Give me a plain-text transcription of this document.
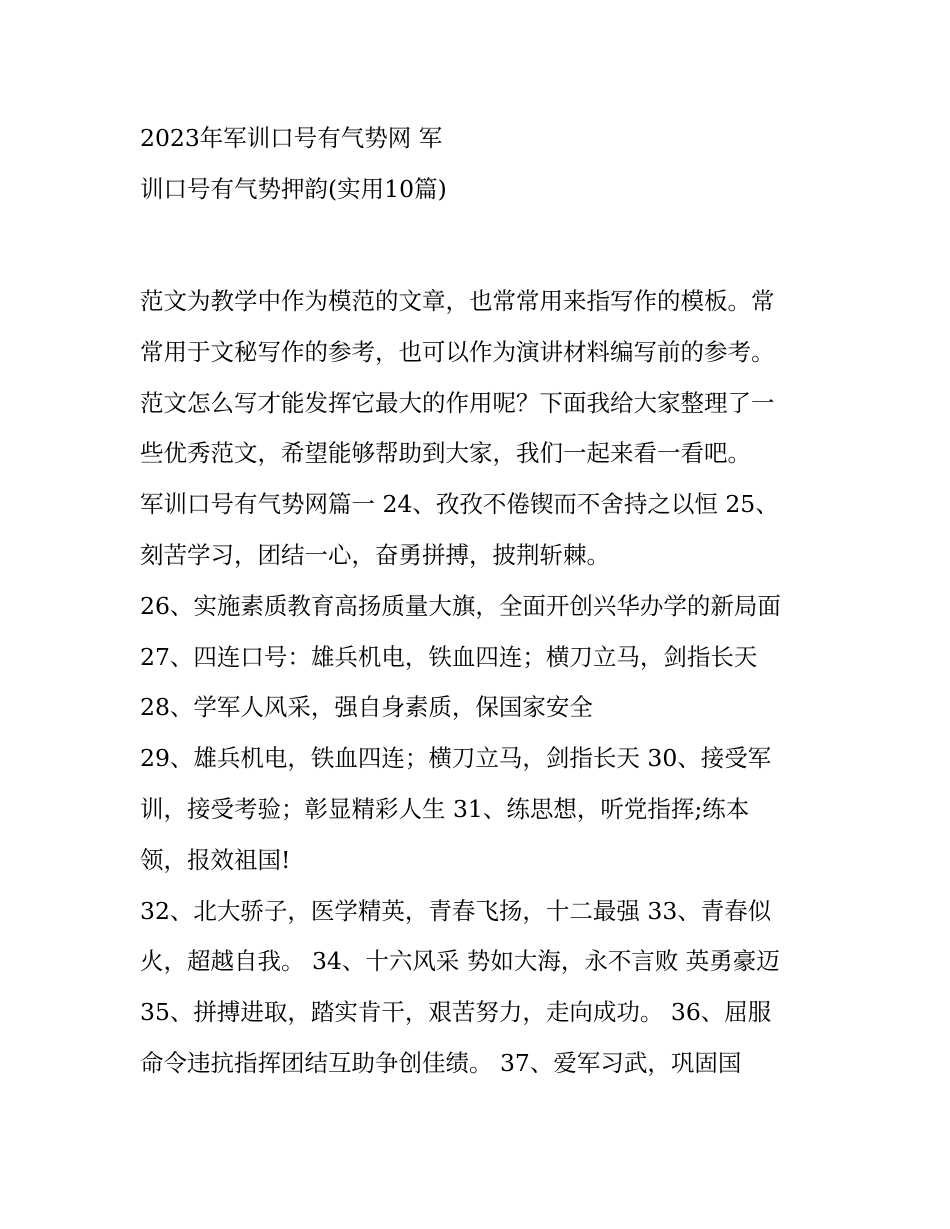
2023年军训口号有气势网 军
训口号有气势押韵(实用10篇)
范文为教学中作为模范的文章，也常常用来指写作的模板。常
常用于文秘写作的参考，也可以作为演讲材料编写前的参考。
范文怎么写才能发挥它最大的作用呢？下面我给大家整理了一
些优秀范文，希望能够帮助到大家，我们一起来看一看吧。
军训口号有气势网篇一 24、孜孜不倦锲而不舍持之以恒 25、
刻苦学习，团结一心，奋勇拼搏，披荆斩棘。
26、实施素质教育高扬质量大旗，全面开创兴华办学的新局面
27、四连口号：雄兵机电，铁血四连；横刀立马，剑指长天
28、学军人风采，强自身素质，保国家安全
29、雄兵机电，铁血四连；横刀立马，剑指长天 30、接受军
训，接受考验；彰显精彩人生 31、练思想，听党指挥;练本
领，报效祖国!
32、北大骄子，医学精英，青春飞扬，十二最强 33、青春似
火，超越自我。 34、十六风采 势如大海，永不言败 英勇豪迈
35、拼搏进取，踏实肯干，艰苦努力，走向成功。 36、屈服
命令违抗指挥团结互助争创佳绩。 37、爱军习武，巩固国
